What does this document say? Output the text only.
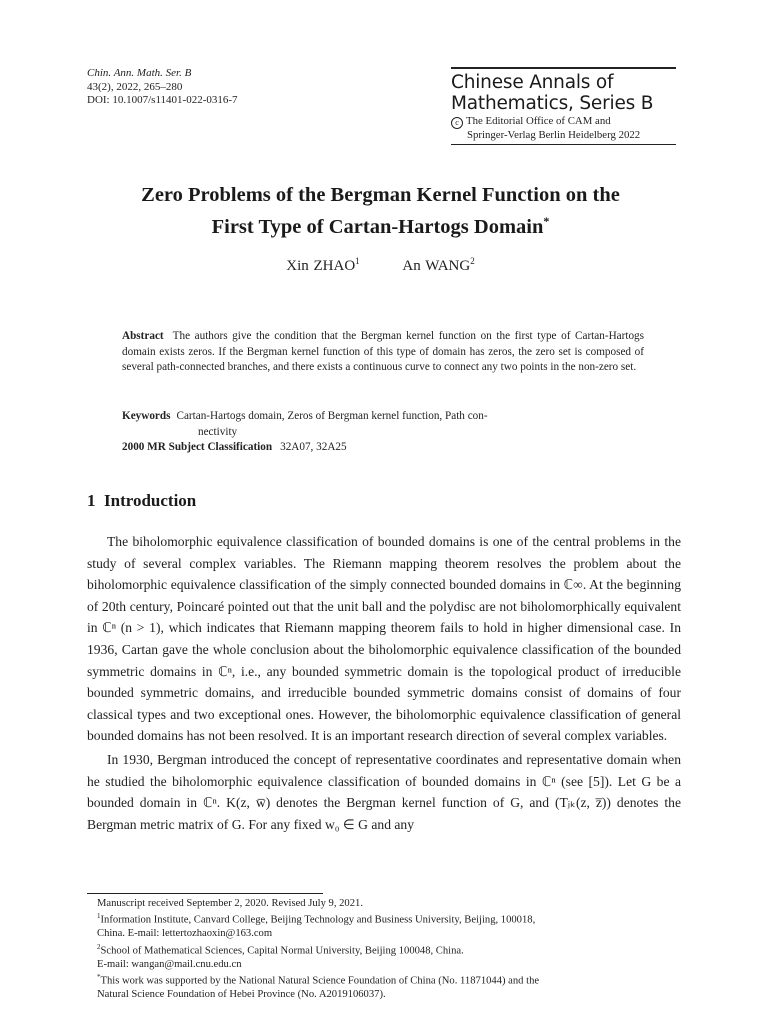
Chin. Ann. Math. Ser. B
43(2), 2022, 265–280
DOI: 10.1007/s11401-022-0316-7
Chinese Annals of
Mathematics, Series B
c The Editorial Office of CAM and
Springer-Verlag Berlin Heidelberg 2022
Zero Problems of the Bergman Kernel Function on the
First Type of Cartan-Hartogs Domain*
Xin ZHAO$^1$	An WANG$^2$
Abstract The authors give the condition that the Bergman kernel function on the first type of Cartan-Hartogs domain exists zeros. If the Bergman kernel function of this type of domain has zeros, the zero set is composed of several path-connected branches, and there exists a continuous curve to connect any two points in the non-zero set.
Keywords Cartan-Hartogs domain, Zeros of Bergman kernel function, Path con-
nectivity
2000 MR Subject Classification 32A07, 32A25
1 Introduction

The biholomorphic equivalence classification of bounded domains is one of the central problems in the study of several complex variables. The Riemann mapping theorem resolves the problem about the biholomorphic equivalence classification of the simply connected bounded domains in ℂ∞. At the beginning of 20th century, Poincaré pointed out that the unit ball and the polydisc are not biholomorphically equivalent in ℂⁿ (n > 1), which indicates that Riemann mapping theorem fails to hold in higher dimensional case. In 1936, Cartan gave the whole conclusion about the biholomorphic equivalence classification of the bounded symmetric domains in ℂⁿ, i.e., any bounded symmetric domain is the topological product of irreducible bounded symmetric domains, and irreducible bounded symmetric domains consist of domains of four classical types and two exceptional ones. However, the biholomorphic equivalence classification of general bounded domains has not been resolved. It is an important research direction of several complex variables.

In 1930, Bergman introduced the concept of representative coordinates and representative domain when he studied the biholomorphic equivalence classification of bounded domains in ℂⁿ (see [5]). Let G be a bounded domain in ℂⁿ. K(z, w̅) denotes the Bergman kernel function of G, and (Tⱼₖ(z, z̅)) denotes the Bergman metric matrix of G. For any fixed w₀ ∈ G and any

Manuscript received September 2, 2020. Revised July 9, 2021.
$^1$Information Institute, Canvard College, Beijing Technology and Business University, Beijing, 100018,
China. E-mail: lettertozhaoxin@163.com
$^2$School of Mathematical Sciences, Capital Normal University, Beijing 100048, China.
E-mail: wangan@mail.cnu.edu.cn
*This work was supported by the National Natural Science Foundation of China (No. 11871044) and the
Natural Science Foundation of Hebei Province (No. A2019106037).
